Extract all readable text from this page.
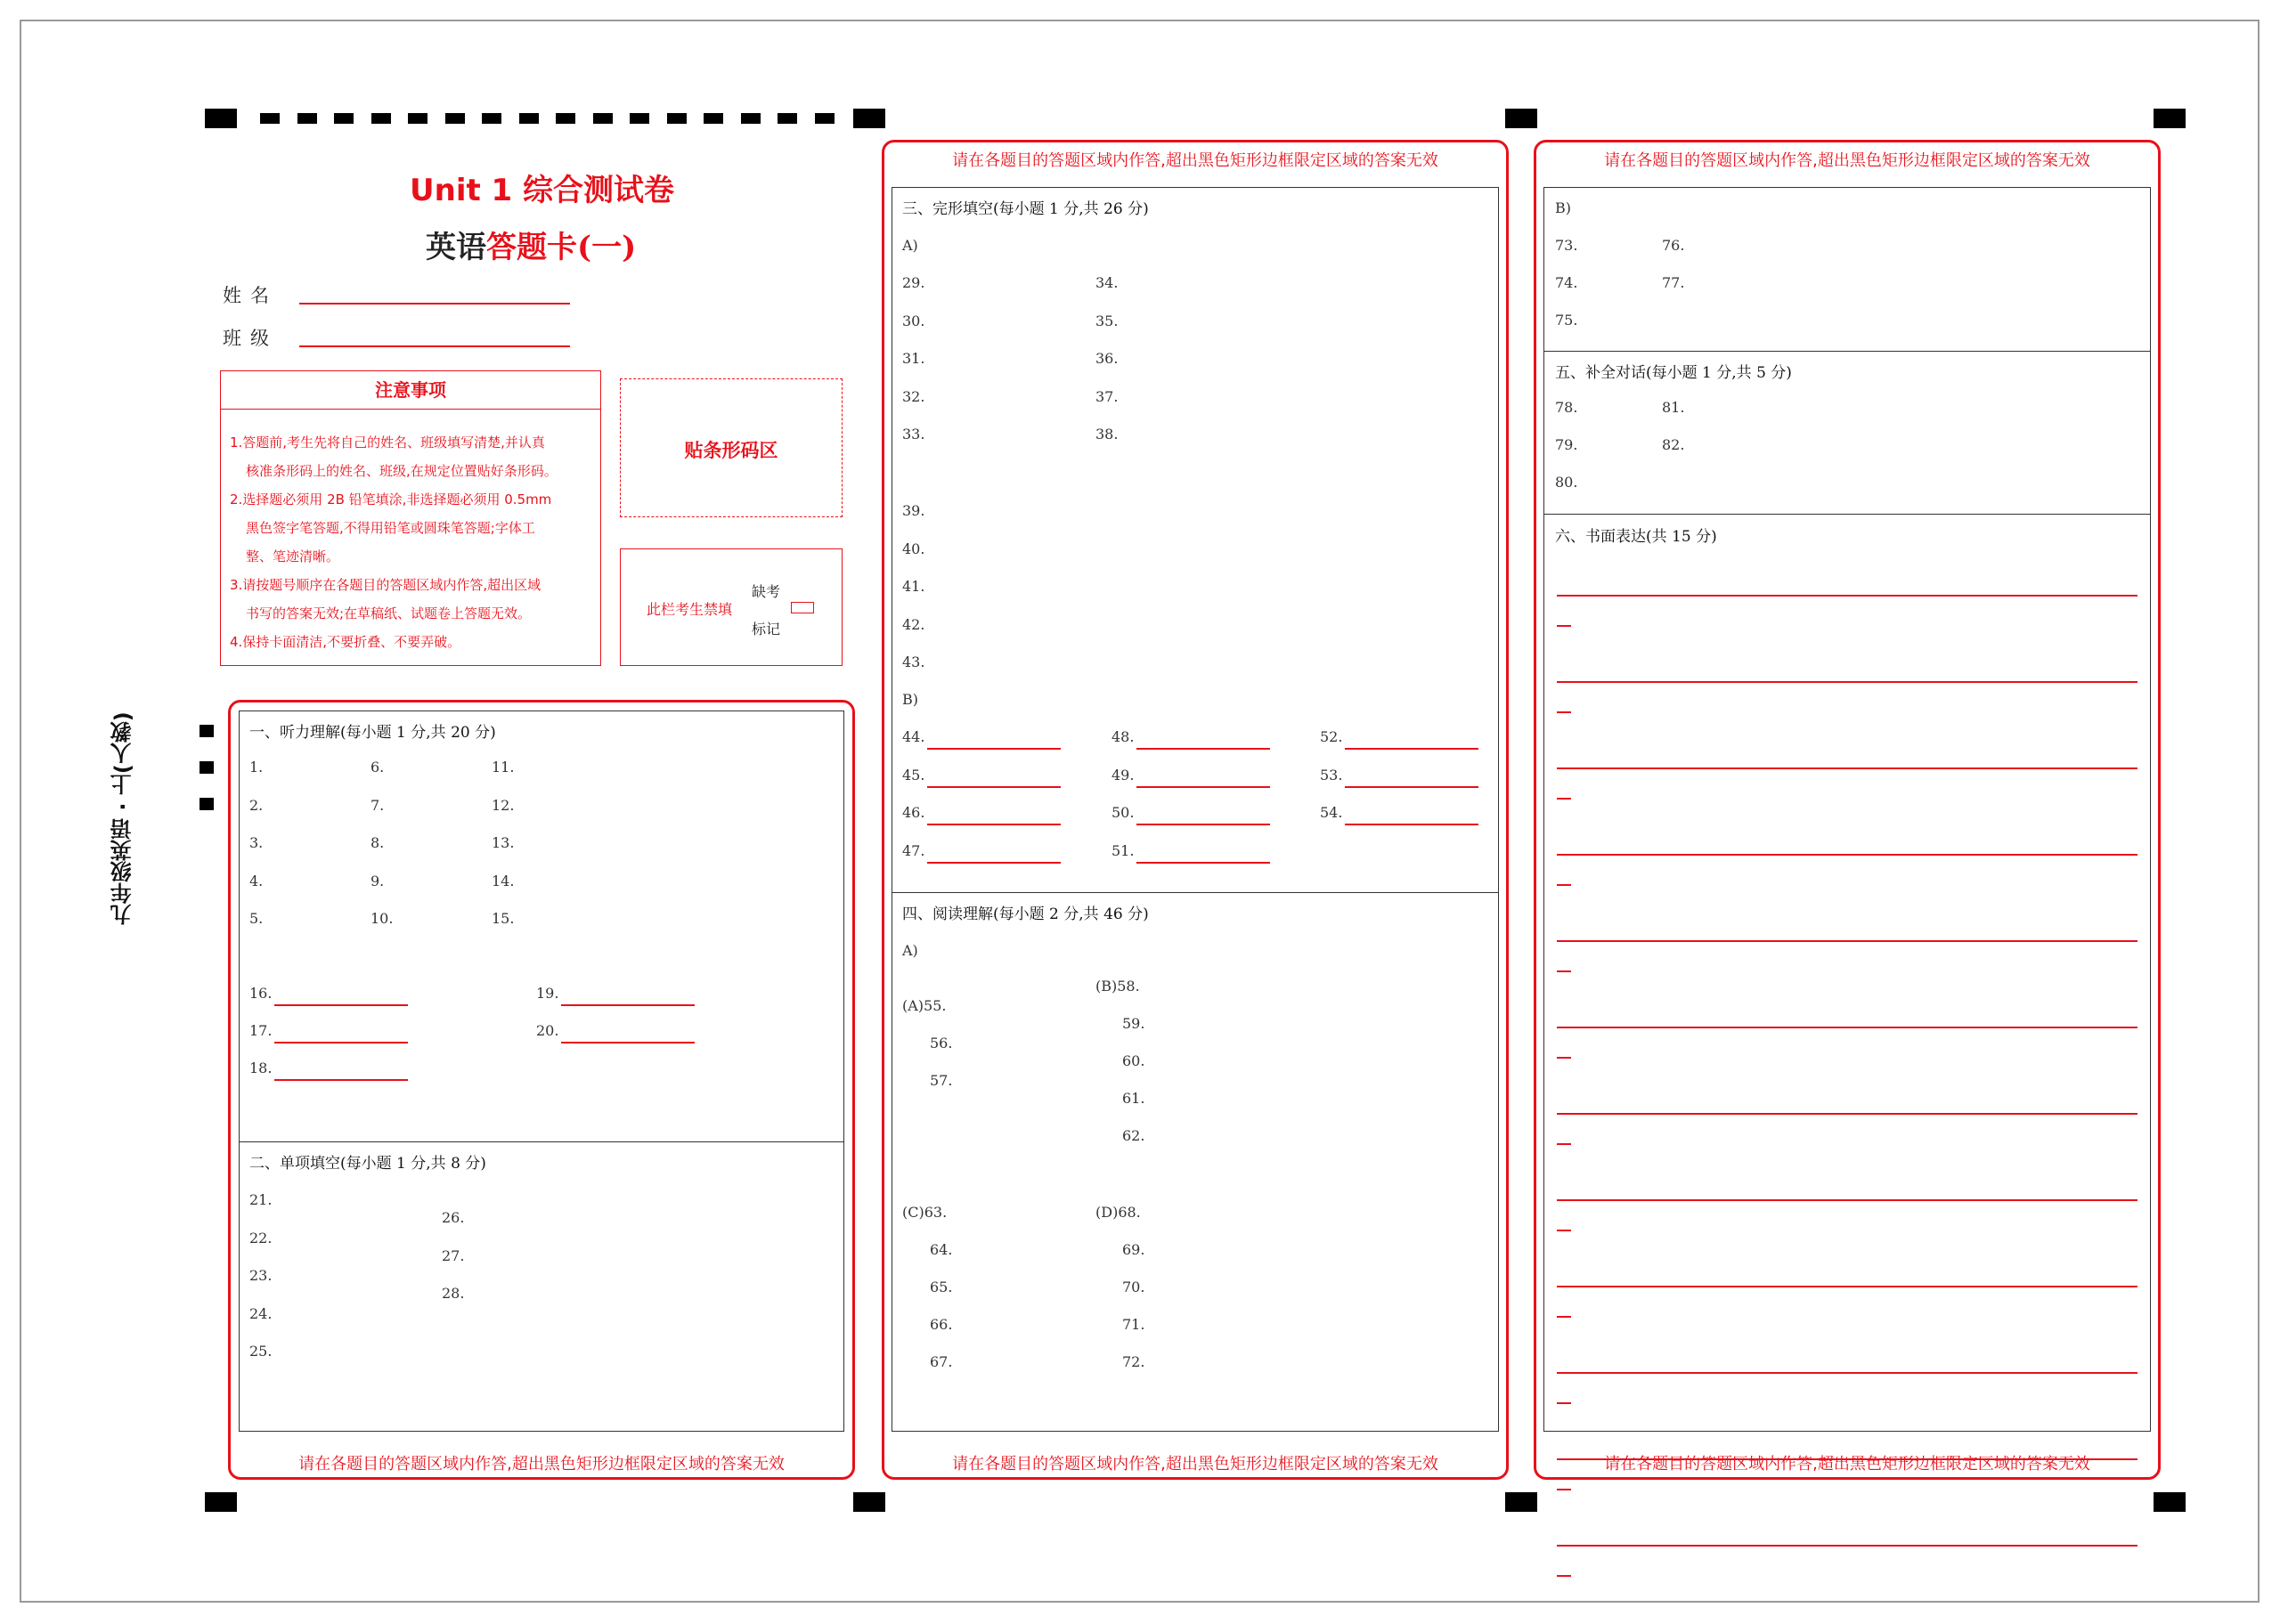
九年级英语 · 上(人教)
Unit 1 综合测试卷
英语答题卡(一)
姓名
班级
注意事项
1.答题前,考生先将自己的姓名、班级填写清楚,并认真
核准条形码上的姓名、班级,在规定位置贴好条形码。
2.选择题必须用 2B 铅笔填涂,非选择题必须用 0.5mm
黑色签字笔答题,不得用铅笔或圆珠笔答题;字体工
整、笔迹清晰。
3.请按题号顺序在各题目的答题区域内作答,超出区域
书写的答案无效;在草稿纸、试题卷上答题无效。
4.保持卡面清洁,不要折叠、不要弄破。
贴条形码区
此栏考生禁填
缺考
标记
请在各题目的答题区域内作答,超出黑色矩形边框限定区域的答案无效
一、听力理解(每小题 1 分,共 20 分)
1.
2.
3.
4.
5.
6.
7.
8.
9.
10.
11.
12.
13.
14.
15.
16.
17.
18.
19.
20.
二、单项填空(每小题 1 分,共 8 分)
21.
22.
23.
24.
25.
26.
27.
28.
请在各题目的答题区域内作答,超出黑色矩形边框限定区域的答案无效
请在各题目的答题区域内作答,超出黑色矩形边框限定区域的答案无效
三、完形填空(每小题 1 分,共 26 分)
A)
29.
30.
31.
32.
33.
34.
35.
36.
37.
38.
39.
40.
41.
42.
43.
B)
44.
45.
46.
47.
48.
49.
50.
51.
52.
53.
54.
四、阅读理解(每小题 2 分,共 46 分)
A)
(A)55.
56.
57.
(B)58.
59.
60.
61.
62.
(C)63.
64.
65.
66.
67.
(D)68.
69.
70.
71.
72.
请在各题目的答题区域内作答,超出黑色矩形边框限定区域的答案无效
B)
73.
74.
75.
76.
77.
五、补全对话(每小题 1 分,共 5 分)
78.
79.
80.
81.
82.
六、书面表达(共 15 分)
请在各题目的答题区域内作答,超出黑色矩形边框限定区域的答案无效
